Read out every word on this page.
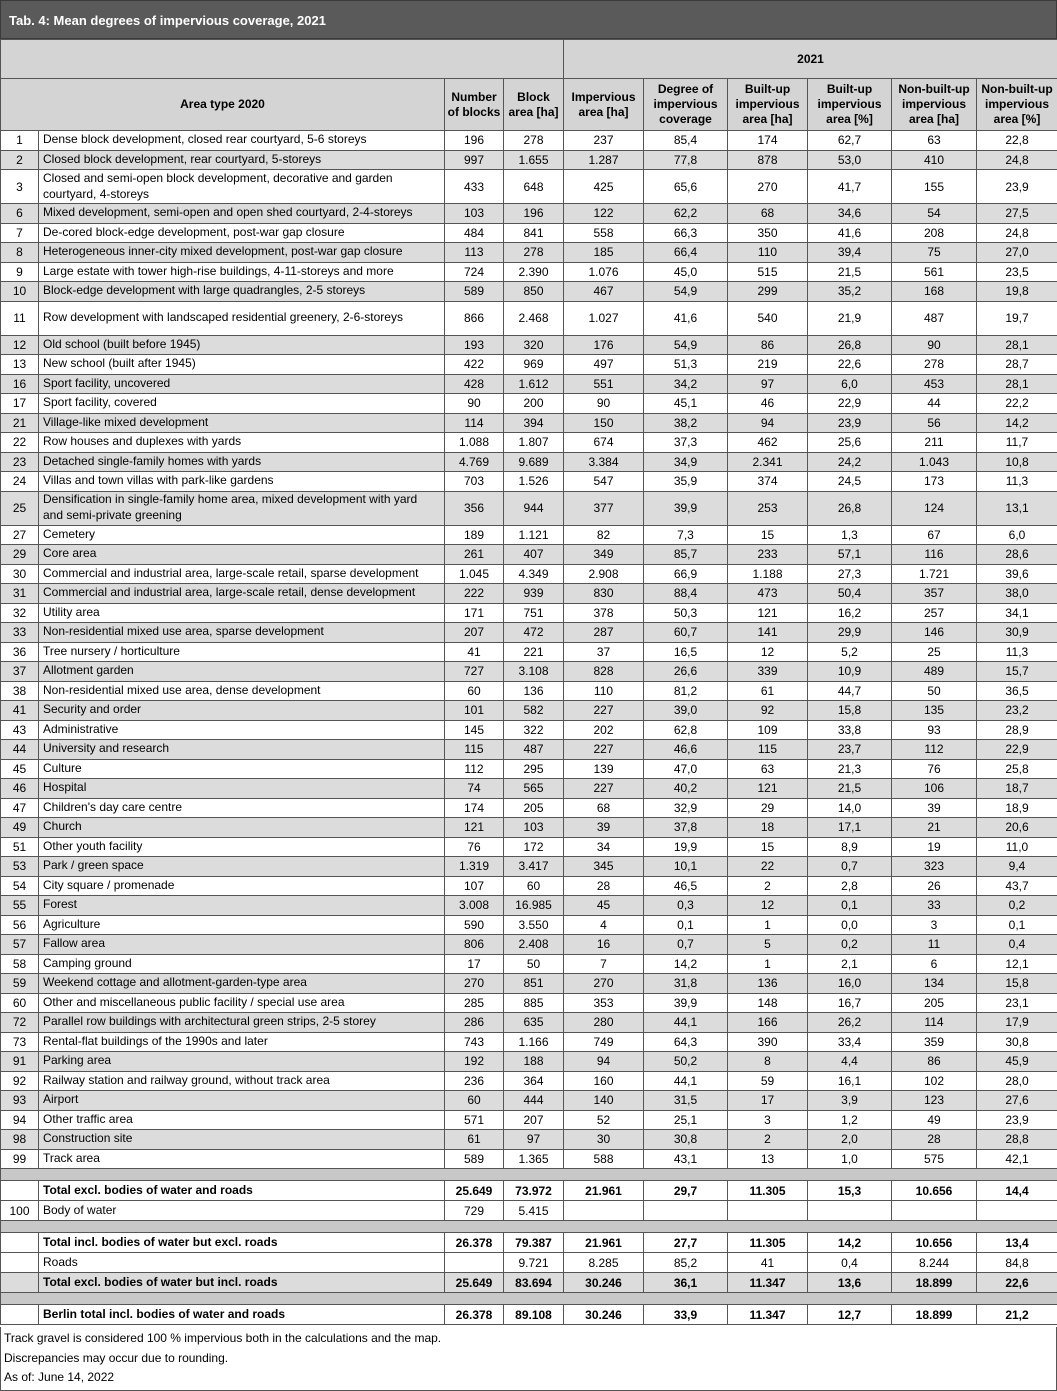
Tab. 4: Mean degrees of impervious coverage, 2021
				2021					
Area type 2020		Number of blocks	Block area [ha]	Impervious area [ha]	Degree of impervious coverage	Built-up impervious area [ha]	Built-up impervious area [%]	Non-built-up impervious area [ha]	Non-built-up impervious area [%]
1	Dense block development, closed rear courtyard, 5-6 storeys	196	278	237	85,4	174	62,7	63	22,8
2	Closed block development, rear courtyard, 5-storeys	997	1.655	1.287	77,8	878	53,0	410	24,8
3	Closed and semi-open block development, decorative and garden courtyard, 4-storeys	433	648	425	65,6	270	41,7	155	23,9
6	Mixed development, semi-open and open shed courtyard, 2-4-storeys	103	196	122	62,2	68	34,6	54	27,5
7	De-cored block-edge development, post-war gap closure	484	841	558	66,3	350	41,6	208	24,8
8	Heterogeneous inner-city mixed development, post-war gap closure	113	278	185	66,4	110	39,4	75	27,0
9	Large estate with tower high-rise buildings, 4-11-storeys and more	724	2.390	1.076	45,0	515	21,5	561	23,5
10	Block-edge development with large quadrangles, 2-5 storeys	589	850	467	54,9	299	35,2	168	19,8
11	Row development with landscaped residential greenery, 2-6-storeys	866	2.468	1.027	41,6	540	21,9	487	19,7
12	Old school (built before 1945)	193	320	176	54,9	86	26,8	90	28,1
13	New school (built after 1945)	422	969	497	51,3	219	22,6	278	28,7
16	Sport facility, uncovered	428	1.612	551	34,2	97	6,0	453	28,1
17	Sport facility, covered	90	200	90	45,1	46	22,9	44	22,2
21	Village-like mixed development	114	394	150	38,2	94	23,9	56	14,2
22	Row houses and duplexes with yards	1.088	1.807	674	37,3	462	25,6	211	11,7
23	Detached single-family homes with yards	4.769	9.689	3.384	34,9	2.341	24,2	1.043	10,8
24	Villas and town villas with park-like gardens	703	1.526	547	35,9	374	24,5	173	11,3
25	Densification in single-family home area, mixed development with yard and semi-private greening	356	944	377	39,9	253	26,8	124	13,1
27	Cemetery	189	1.121	82	7,3	15	1,3	67	6,0
29	Core area	261	407	349	85,7	233	57,1	116	28,6
30	Commercial and industrial area, large-scale retail, sparse development	1.045	4.349	2.908	66,9	1.188	27,3	1.721	39,6
31	Commercial and industrial area, large-scale retail, dense development	222	939	830	88,4	473	50,4	357	38,0
32	Utility area	171	751	378	50,3	121	16,2	257	34,1
33	Non-residential mixed use area, sparse development	207	472	287	60,7	141	29,9	146	30,9
36	Tree nursery / horticulture	41	221	37	16,5	12	5,2	25	11,3
37	Allotment garden	727	3.108	828	26,6	339	10,9	489	15,7
38	Non-residential mixed use area, dense development	60	136	110	81,2	61	44,7	50	36,5
41	Security and order	101	582	227	39,0	92	15,8	135	23,2
43	Administrative	145	322	202	62,8	109	33,8	93	28,9
44	University and research	115	487	227	46,6	115	23,7	112	22,9
45	Culture	112	295	139	47,0	63	21,3	76	25,8
46	Hospital	74	565	227	40,2	121	21,5	106	18,7
47	Children's day care centre	174	205	68	32,9	29	14,0	39	18,9
49	Church	121	103	39	37,8	18	17,1	21	20,6
51	Other youth facility	76	172	34	19,9	15	8,9	19	11,0
53	Park / green space	1.319	3.417	345	10,1	22	0,7	323	9,4
54	City square / promenade	107	60	28	46,5	2	2,8	26	43,7
55	Forest	3.008	16.985	45	0,3	12	0,1	33	0,2
56	Agriculture	590	3.550	4	0,1	1	0,0	3	0,1
57	Fallow area	806	2.408	16	0,7	5	0,2	11	0,4
58	Camping ground	17	50	7	14,2	1	2,1	6	12,1
59	Weekend cottage and allotment-garden-type area	270	851	270	31,8	136	16,0	134	15,8
60	Other and miscellaneous public facility / special use area	285	885	353	39,9	148	16,7	205	23,1
72	Parallel row buildings with architectural green strips, 2-5 storey	286	635	280	44,1	166	26,2	114	17,9
73	Rental-flat buildings of the 1990s and later	743	1.166	749	64,3	390	33,4	359	30,8
91	Parking area	192	188	94	50,2	8	4,4	86	45,9
92	Railway station and railway ground, without track area	236	364	160	44,1	59	16,1	102	28,0
93	Airport	60	444	140	31,5	17	3,9	123	27,6
94	Other traffic area	571	207	52	25,1	3	1,2	49	23,9
98	Construction site	61	97	30	30,8	2	2,0	28	28,8
99	Track area	589	1.365	588	43,1	13	1,0	575	42,1

	Total excl. bodies of water and roads	25.649	73.972	21.961	29,7	11.305	15,3	10.656	14,4
100	Body of water	729	5.415						

	Total incl. bodies of water but excl. roads	26.378	79.387	21.961	27,7	11.305	14,2	10.656	13,4
	Roads		9.721	8.285	85,2	41	0,4	8.244	84,8
	Total excl. bodies of water but incl. roads	25.649	83.694	30.246	36,1	11.347	13,6	18.899	22,6

	Berlin total incl. bodies of water and roads	26.378	89.108	30.246	33,9	11.347	12,7	18.899	21,2
Track gravel is considered 100 % impervious both in the calculations and the map.
Discrepancies may occur due to rounding.
As of: June 14, 2022
